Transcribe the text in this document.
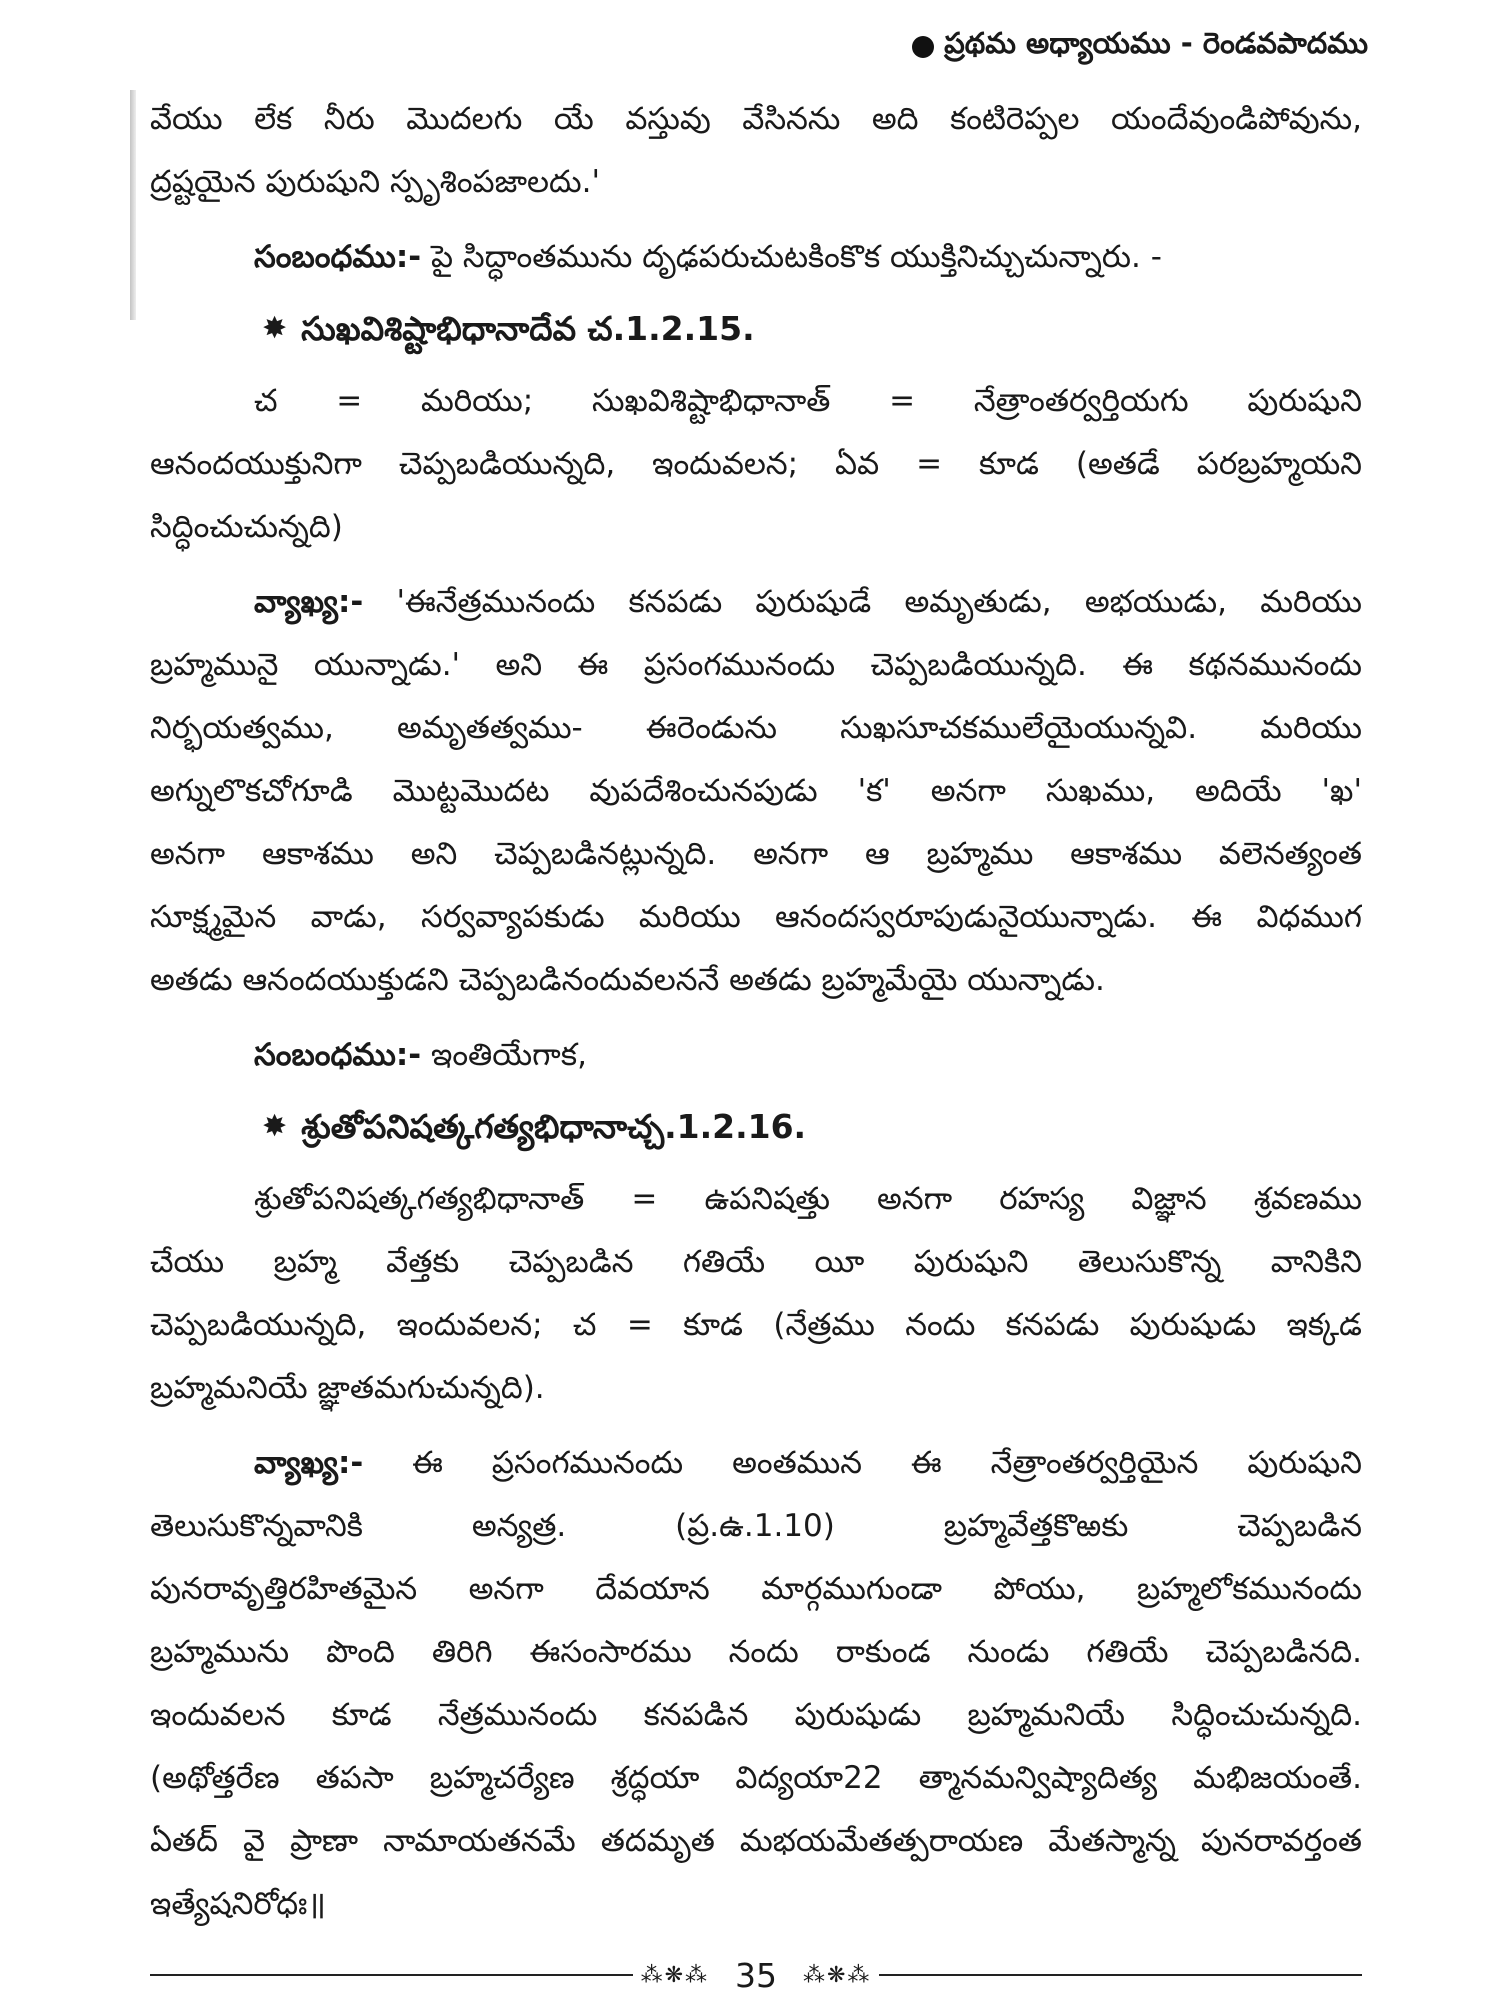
ప్రథమ అధ్యాయము - రెండవపాదము
వేయు లేక నీరు మొదలగు యే వస్తువు వేసినను అది కంటిరెప్పల యందేవుండిపోవును,
ద్రష్టయైన పురుషుని స్పృశింపజాలదు.'
సంబంధము:- పై సిద్ధాంతమును దృఢపరుచుటకింకొక యుక్తినిచ్చుచున్నారు. -
✸ సుఖవిశిష్టాభిధానాదేవ చ.1.2.15.
చ = మరియు; సుఖవిశిష్టాభిధానాత్ = నేత్రాంతర్వర్తియగు పురుషుని
ఆనందయుక్తునిగా చెప్పబడియున్నది, ఇందువలన; ఏవ = కూడ (అతడే పరబ్రహ్మయని
సిద్ధించుచున్నది)
వ్యాఖ్య:- 'ఈనేత్రమునందు కనపడు పురుషుడే అమృతుడు, అభయుడు, మరియు
బ్రహ్మమునై యున్నాడు.' అని ఈ ప్రసంగమునందు చెప్పబడియున్నది. ఈ కథనమునందు
నిర్భయత్వము, అమృతత్వము- ఈరెండును సుఖసూచకములేయైయున్నవి. మరియు
అగ్నులొకచోగూడి మొట్టమొదట వుపదేశించునపుడు 'క' అనగా సుఖము, అదియే 'ఖ'
అనగా ఆకాశము అని చెప్పబడినట్లున్నది. అనగా ఆ బ్రహ్మము ఆకాశము వలెనత్యంత
సూక్ష్మమైన వాడు, సర్వవ్యాపకుడు మరియు ఆనందస్వరూపుడునైయున్నాడు. ఈ విధముగ
అతడు ఆనందయుక్తుడని చెప్పబడినందువలననే అతడు బ్రహ్మమేయై యున్నాడు.
సంబంధము:- ఇంతియేగాక,
✸ శ్రుతోపనిషత్కగత్యభిధానాచ్చ.1.2.16.
శ్రుతోపనిషత్కగత్యభిధానాత్ = ఉపనిషత్తు అనగా రహస్య విజ్ఞాన శ్రవణము
చేయు బ్రహ్మ వేత్తకు చెప్పబడిన గతియే యీ పురుషుని తెలుసుకొన్న వానికిని
చెప్పబడియున్నది, ఇందువలన; చ = కూడ (నేత్రము నందు కనపడు పురుషుడు ఇక్కడ
బ్రహ్మమనియే జ్ఞాతమగుచున్నది).
వ్యాఖ్య:- ఈ ప్రసంగమునందు అంతమున ఈ నేత్రాంతర్వర్తియైన పురుషుని
తెలుసుకొన్నవానికి అన్యత్ర. (ప్ర.ఉ.1.10) బ్రహ్మవేత్తకొఱకు చెప్పబడిన
పునరావృత్తిరహితమైన అనగా దేవయాన మార్గముగుండా పోయు, బ్రహ్మలోకమునందు
బ్రహ్మమును పొంది తిరిగి ఈసంసారము నందు రాకుండ నుండు గతియే చెప్పబడినది.
ఇందువలన కూడ నేత్రమునందు కనపడిన పురుషుడు బ్రహ్మమనియే సిద్ధించుచున్నది.
(అథోత్తరేణ తపసా బ్రహ్మచర్యేణ శ్రద్ధయా విద్యయా22 త్మానమన్విష్యాదిత్య మభిజయంతే.
ఏతద్ వై ప్రాణా నామాయతనమే తదమృత మభయమేతత్పరాయణ మేతస్మాన్న పునరావర్తంత
ఇత్యేషనిరోధః॥
⁂❋⁂ 35 ⁂❋⁂
